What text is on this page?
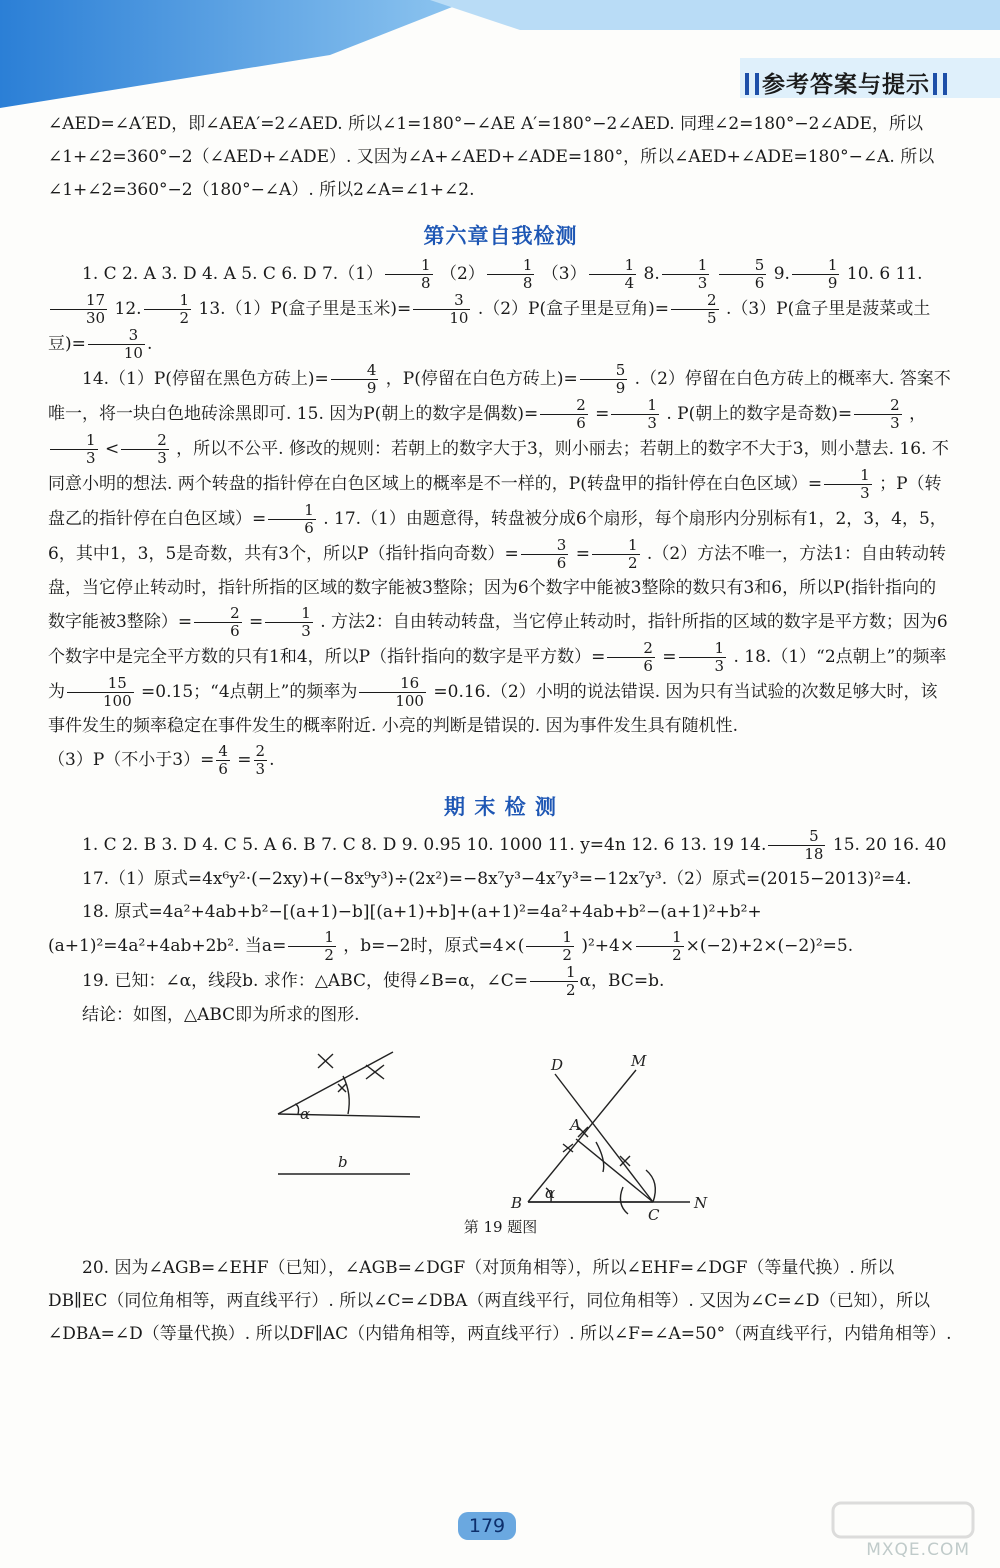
参考答案与提示

∠AED=∠A′ED，即∠AEA′=2∠AED. 所以∠1=180°−∠AE A′=180°−2∠AED. 同理∠2=180°−2∠ADE，所以∠1+∠2=360°−2（∠AED+∠ADE）. 又因为∠A+∠AED+∠ADE=180°，所以∠AED+∠ADE=180°−∠A. 所以∠1+∠2=360°−2（180°−∠A）. 所以2∠A=∠1+∠2.

第六章自我检测

1. C 2. A 3. D 4. A 5. C 6. D $7.(1) \frac{1}{8} (2) \frac{1}{8} (3) \frac{1}{4} 8$. $\frac{1}{3}$
$\frac{5}{6} 9$. $\frac{1}{9} 10$. 6 11.
$\frac{17}{30} 12$. $\frac{1}{2} 13.(1)P$(盒子里是玉米)= $\frac{3}{10} .(2)P$(盒子里是豆角)= $\frac{2}{5} .(3)P$(盒子里是菠菜或土豆)= $\frac{3}{10}$ .

14.（1）P(停留在黑色方砖上)= $\frac{4}{9}$ ，P(停留在白色方砖上)= $\frac{5}{9} .(2)$停留在白色方砖上的概率大. 答案不唯一，将一块白色地砖涂黑即可. 15. 因为P(朝上的数字是偶数)= $\frac{2}{6} = \frac{1}{3}$ . P(朝上的数字是奇数)= $\frac{2}{3}$ ，
$\frac{1}{3} < \frac{2}{3}$ ，所以不公平. 修改的规则：若朝上的数字大于3，则小丽去；若朝上的数字不大于3，则小慧去. 16. 不同意小明的想法. 两个转盘的指针停在白色区域上的概率是不一样的，P(转盘甲的指针停在白色区域）= $\frac{1}{3}$ ；P（转盘乙的指针停在白色区域）= $\frac{1}{6}$ . 17.（1）由题意得，转盘被分成6个扇形，每个扇形内分别标有1，2，3，4，5，6，其中1，3，5是奇数，共有3个，所以P（指针指向奇数）= $\frac{3}{6} = \frac{1}{2} .(2)$方法不唯一，方法1：自由转动转盘，当它停止转动时，指针所指的区域的数字能被3整除；因为6个数字中能被3整除的数只有3和6，所以P(指针指向的数字能被3整除）= $\frac{2}{6} = \frac{1}{3}$ . 方法2：自由转动转盘，当它停止转动时，指针所指的区域的数字是平方数；因为6个数字中是完全平方数的只有1和4，所以P（指针指向的数字是平方数）= $\frac{2}{6} = \frac{1}{3}$ . 18.（1）“2点朝上”的频率为 $\frac{15}{100} =0.15$；“4点朝上”的频率为 $\frac{16}{100} =0.16.(2)$小明的说法错误. 因为只有当试验的次数足够大时，该事件发生的频率稳定在事件发生的概率附近. 小亮的判断是错误的. 因为事件发生具有随机性.

（3）P（不小于$3)= \frac{4}{6} = \frac{2}{3}$ .

期 末 检 测

1. C 2. B 3. D 4. C 5. A 6. B 7. C 8. D 9. 0.95 10. 1000 11. y=4n 12. 6 13. 19 14. $\frac{5}{18} 15$. 20 16. 40

17.（1）原式=4x⁶y²·(−2xy)+(−8x⁹y³)÷(2x²)=−8x⁷y³−4x⁷y³=−12x⁷y³.（2）原式=(2015−2013)²=4.

18. 原式=4a²+4ab+b²−[(a+1)−b][(a+1)+b]+(a+1)²=4a²+4ab+b²−(a+1)²+b²+(a+1)²=4a²+4ab+2b². 当$a= \frac{1}{2}$ ，b=−2时，原式$=4\times( \frac{1}{2} )^2+4\times \frac{1}{2} \times(-2)+2\times(-2)^2=5$.

19. 已知：∠α，线段b. 求作：△ABC，使得∠B=α，∠C= $\frac{1}{2}$ α，BC=b.

结论：如图，△ABC即为所求的图形.

α
b
D	M
A
B
C
N
α
第 19 题图

20. 因为∠AGB=∠EHF（已知），∠AGB=∠DGF（对顶角相等），所以∠EHF=∠DGF（等量代换）. 所以DB∥EC（同位角相等，两直线平行）. 所以∠C=∠DBA（两直线平行，同位角相等）. 又因为∠C=∠D（已知），所以∠DBA=∠D（等量代换）. 所以DF∥AC（内错角相等，两直线平行）. 所以∠F=∠A=50°（两直线平行，内错角相等）.

179
MXQE.COM
